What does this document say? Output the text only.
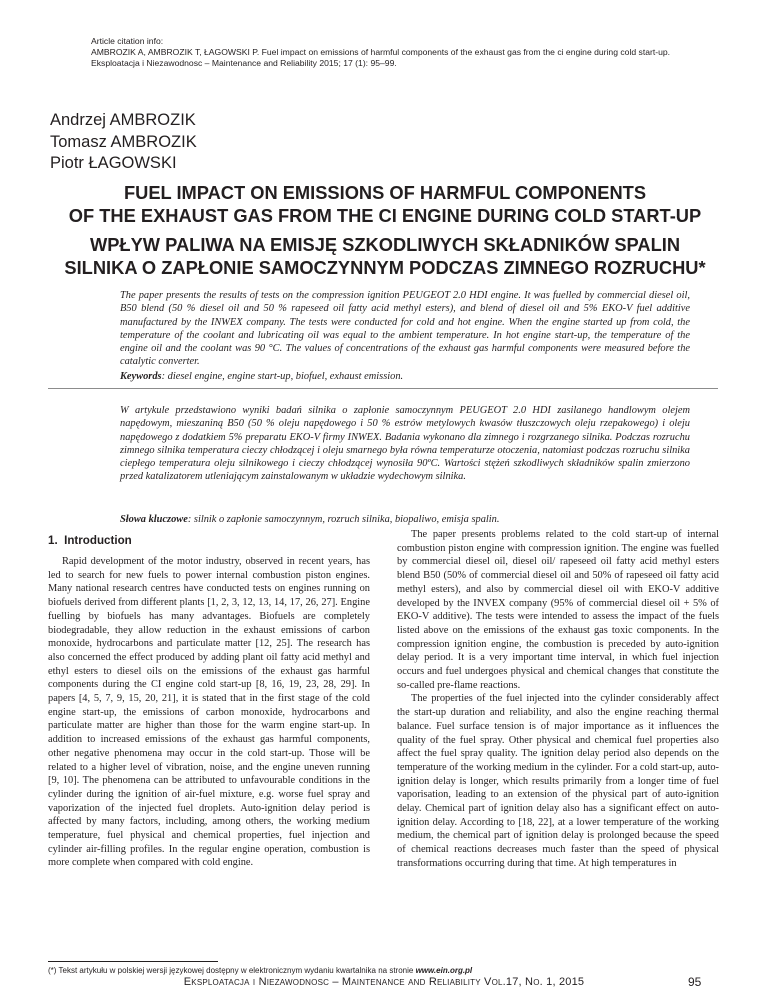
Article citation info:
AMBROZIK A, AMBROZIK T, ŁAGOWSKI P. Fuel impact on emissions of harmful components of the exhaust gas from the ci engine during cold start-up. Eksploatacja i Niezawodnosc – Maintenance and Reliability 2015; 17 (1): 95–99.
Andrzej AMBROZIK
Tomasz AMBROZIK
Piotr ŁAGOWSKI
FUEL IMPACT ON EMISSIONS OF HARMFUL COMPONENTS
OF THE EXHAUST GAS FROM THE CI ENGINE DURING COLD START-UP
WPŁYW PALIWA NA EMISJĘ SZKODLIWYCH SKŁADNIKÓW SPALIN
SILNIKA O ZAPŁONIE SAMOCZYNNYM PODCZAS ZIMNEGO ROZRUCHU*
The paper presents the results of tests on the compression ignition PEUGEOT 2.0 HDI engine. It was fuelled by commercial diesel oil, B50 blend (50 % diesel oil and 50 % rapeseed oil fatty acid methyl esters), and blend of diesel oil and 5% EKO-V fuel additive manufactured by the INWEX company. The tests were conducted for cold and hot engine. When the engine started up from cold, the temperature of the coolant and lubricating oil was equal to the ambient temperature. In hot engine start-up, the temperature of the engine oil and the coolant was 90 °C. The values of concentrations of the exhaust gas harmful components were measured before the catalytic converter.
Keywords: diesel engine, engine start-up, biofuel, exhaust emission.
W artykule przedstawiono wyniki badań silnika o zapłonie samoczynnym PEUGEOT 2.0 HDI zasilanego handlowym olejem napędowym, mieszaniną B50 (50 % oleju napędowego i 50 % estrów metylowych kwasów tłuszczowych oleju rzepakowego) i oleju napędowego z dodatkiem 5% preparatu EKO-V firmy INWEX. Badania wykonano dla zimnego i rozgrzanego silnika. Podczas rozruchu zimnego silnika temperatura cieczy chłodzącej i oleju smarnego była równa temperaturze otoczenia, natomiast podczas rozruchu silnika ciepłego temperatura oleju silnikowego i cieczy chłodzącej wynosiła 90ºC. Wartości stężeń szkodliwych składników spalin zmierzono przed katalizatorem utleniającym zainstalowanym w układzie wydechowym silnika.
Słowa kluczowe: silnik o zapłonie samoczynnym, rozruch silnika, biopaliwo, emisja spalin.
1. Introduction

Rapid development of the motor industry, observed in recent years, has led to search for new fuels to power internal combustion piston engines. Many national research centres have conducted tests on engines running on biofuels derived from different plants [1, 2, 3, 12, 13, 14, 17, 26, 27]. Engine fuelling by biofuels has many advantages. Biofuels are completely biodegradable, they allow reduction in the exhaust emissions of carbon monoxide, hydrocarbons and particulate matter [12, 25]. The research has also concerned the effect produced by adding plant oil fatty acid methyl and ethyl esters to diesel oils on the emissions of the exhaust gas harmful components during the CI engine cold start-up [8, 16, 19, 23, 28, 29]. In papers [4, 5, 7, 9, 15, 20, 21], it is stated that in the first stage of the cold engine start-up, the emissions of carbon monoxide, hydrocarbons and particulate matter are higher than those for the warm engine start-up. In addition to increased emissions of the exhaust gas harmful components, other negative phenomena may occur in the cold start-up. Those will be related to a higher level of vibration, noise, and the engine uneven running [9, 10]. The phenomena can be attributed to unfavourable conditions in the cylinder during the ignition of air-fuel mixture, e.g. worse fuel spray and vaporization of the injected fuel droplets. Auto-ignition delay period is affected by many factors, including, among others, the working medium temperature, fuel physical and chemical properties, fuel injection and cylinder air-filling profiles. In the regular engine operation, combustion is more complete when compared with cold engine.

The paper presents problems related to the cold start-up of internal combustion piston engine with compression ignition. The engine was fuelled by commercial diesel oil, diesel oil/ rapeseed oil fatty acid methyl esters blend B50 (50% of commercial diesel oil and 50% of rapeseed oil fatty acid methyl esters), and also by commercial diesel oil with EKO-V additive developed by the INVEX company (95% of commercial diesel oil + 5% of EKO-V additive). The tests were intended to assess the impact of the fuels listed above on the emissions of the exhaust gas toxic components. In the compression ignition engine, the combustion is preceded by auto-ignition delay period. It is a very important time interval, in which fuel injection occurs and fuel undergoes physical and chemical changes that constitute the so-called pre-flame reactions.

The properties of the fuel injected into the cylinder considerably affect the start-up duration and reliability, and also the engine reaching thermal balance. Fuel surface tension is of major importance as it influences the quality of the fuel spray. Other physical and chemical fuel properties also affect the fuel spray quality. The ignition delay period also depends on the temperature of the working medium in the cylinder. For a cold start-up, auto-ignition delay is longer, which results primarily from a longer time of fuel vaporisation, leading to an extension of the physical part of auto-ignition delay. Chemical part of ignition delay also has a significant effect on auto-ignition delay. According to [18, 22], at a lower temperature of the working medium, the chemical part of ignition delay is prolonged because the speed of chemical reactions decreases much faster than the speed of physical transformations occurring during that time. At high temperatures in

(*) Tekst artykułu w polskiej wersji językowej dostępny w elektronicznym wydaniu kwartalnika na stronie www.ein.org.pl
Eksploatacja i Niezawodnosc – Maintenance and Reliability Vol.17, No. 1, 2015	95
